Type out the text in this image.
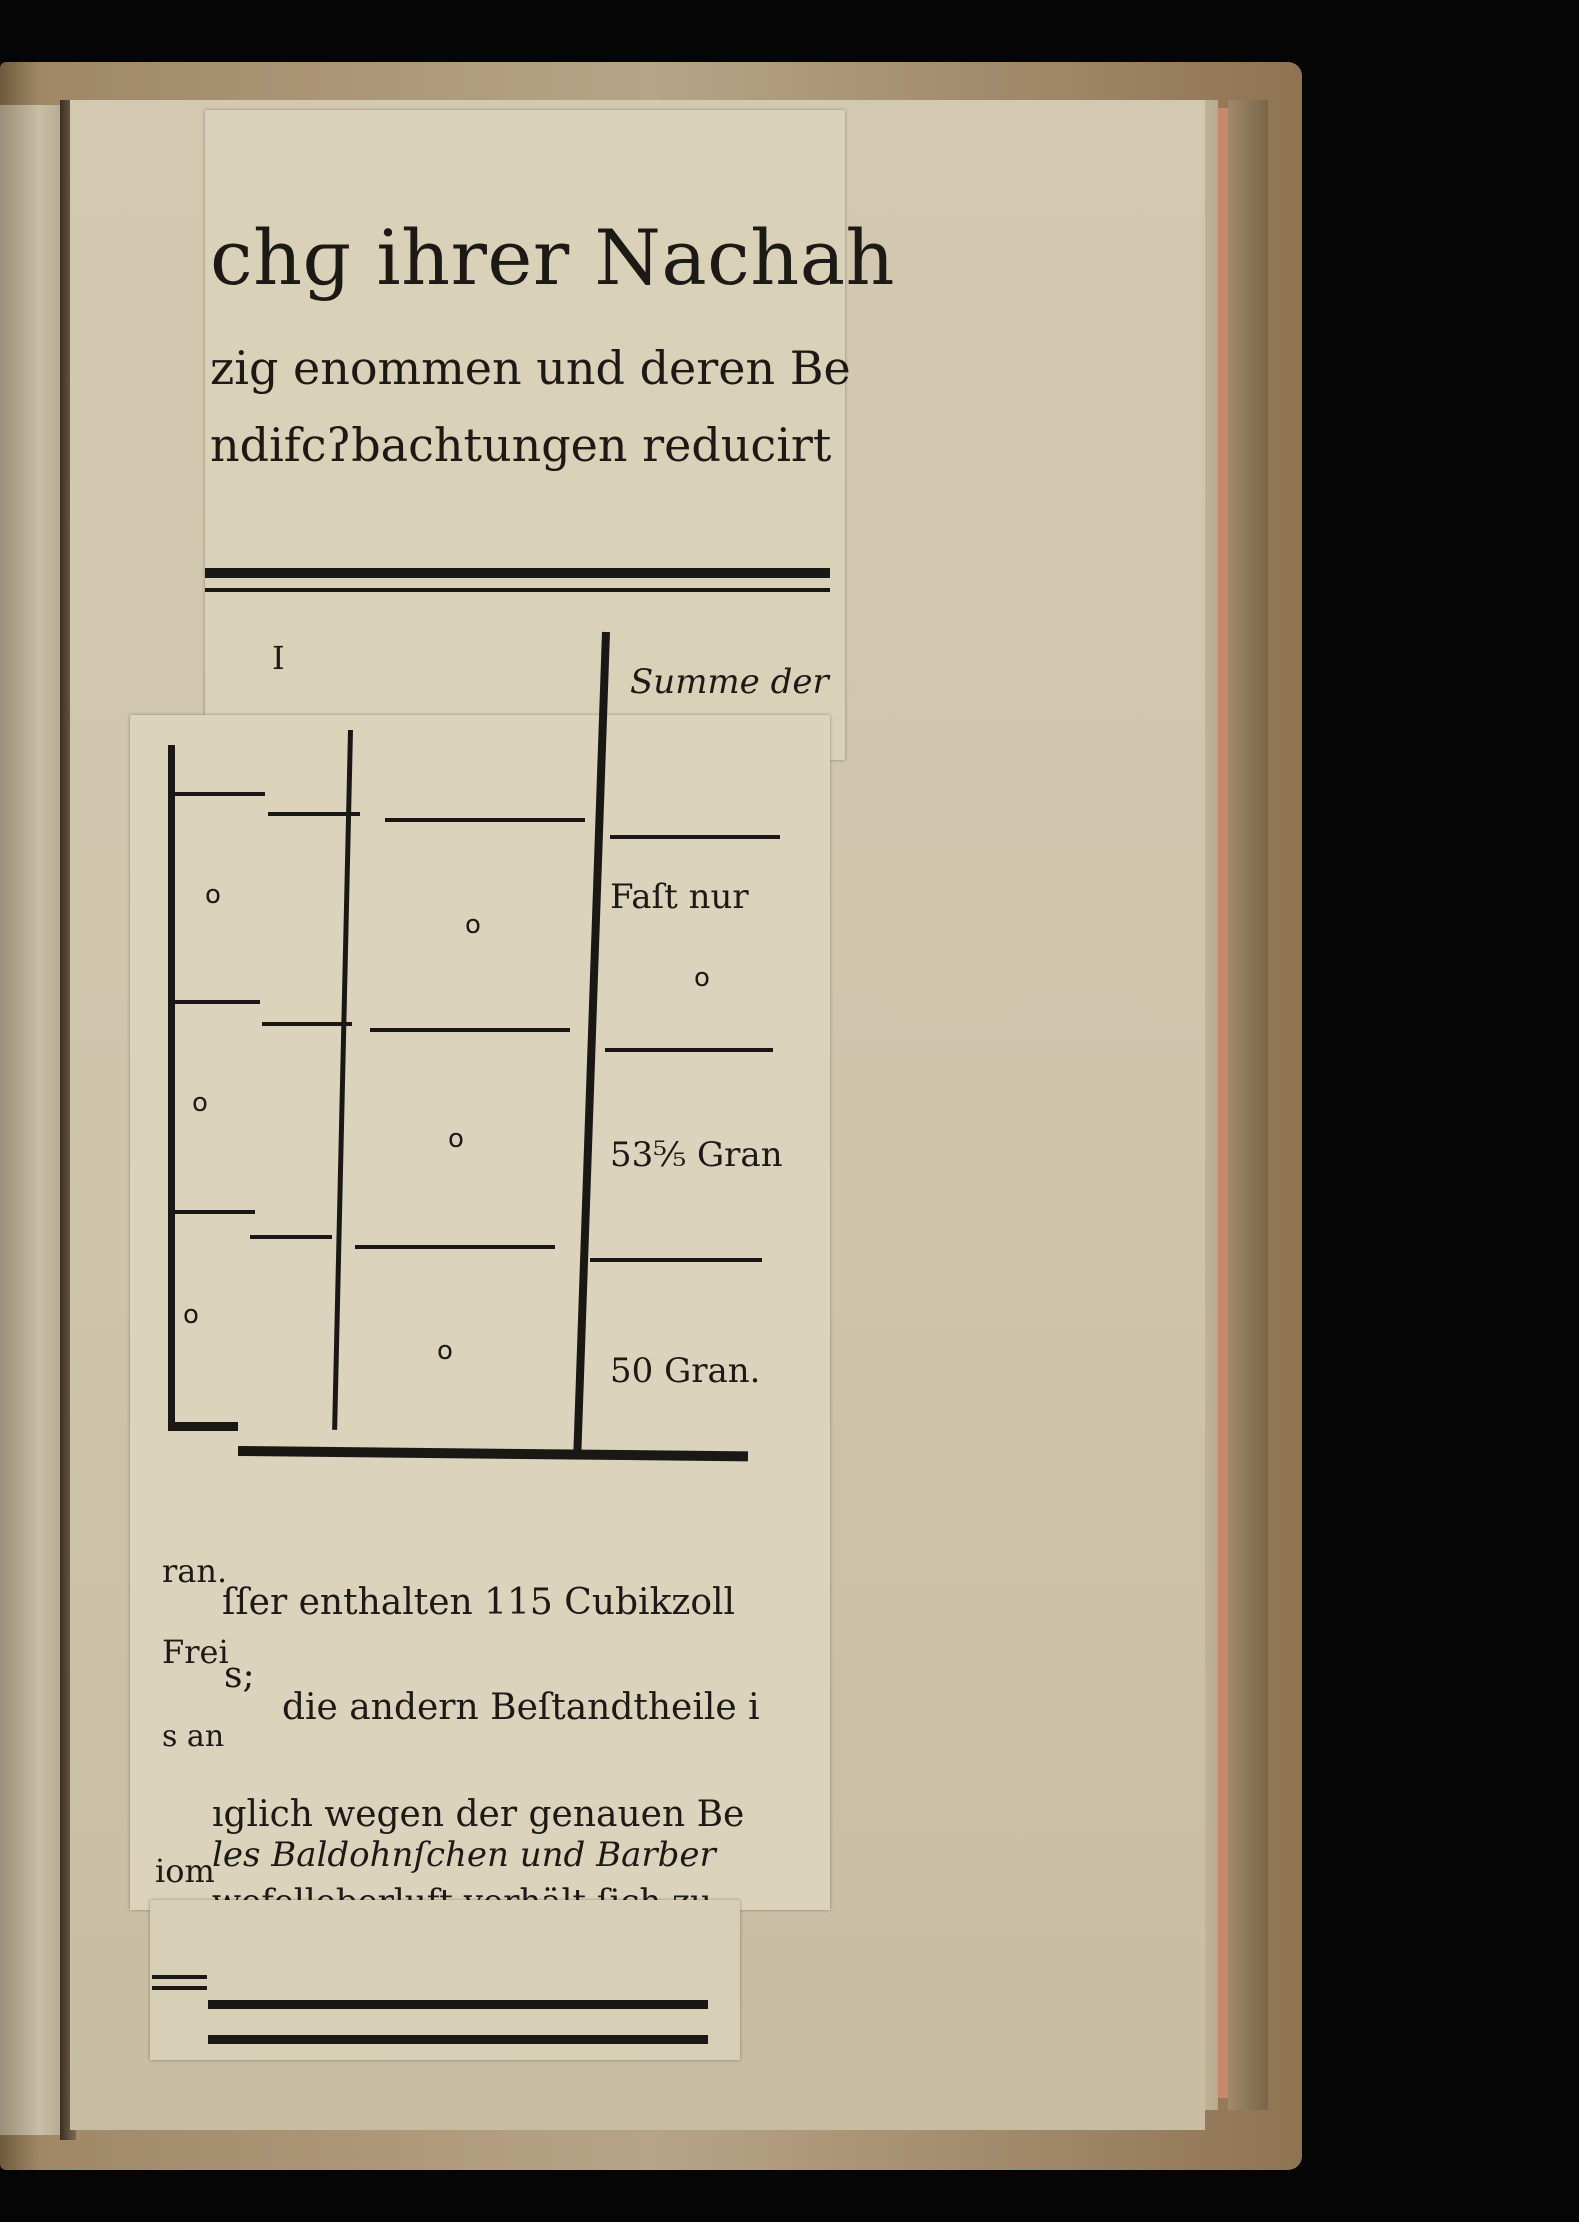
chɡ ihrer Nachah
zig enommen und deren Be
ndifcʔbachtungen reducirt
I
Summe der
o
o
Faſt nur
o
o
o	53⁵⁄₅ Gran
o
o	50 Gran.
ran.
ſſer enthalten 115 Cubikzoll
Frei
s;
die andern Beſtandtheile i
s an
ıglich wegen der genauen Be
iom
les Baldohnſchen und Barber
